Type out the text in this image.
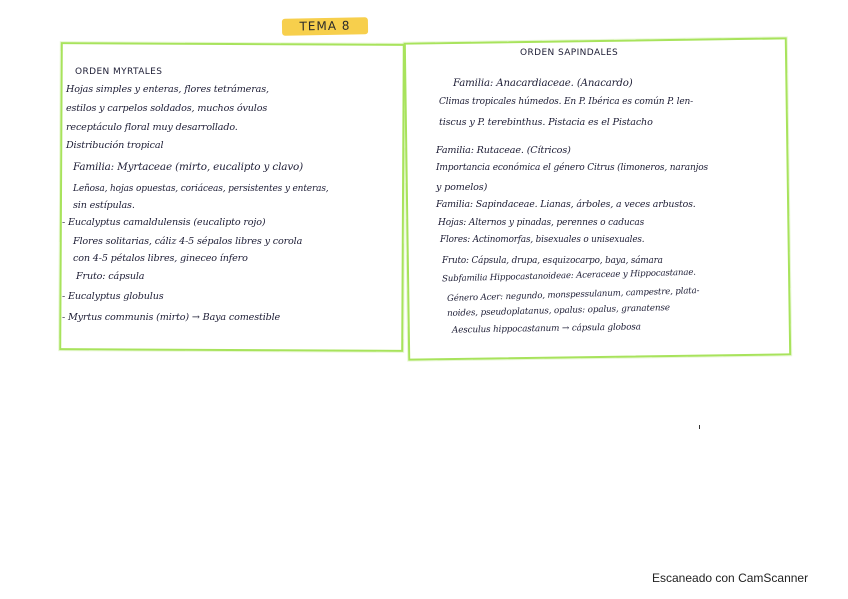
TEMA 8
ORDEN MYRTALES
Hojas simples y enteras, flores tetrámeras,
estilos y carpelos soldados, muchos óvulos
receptáculo floral muy desarrollado.
Distribución tropical
Familia: Myrtaceae (mirto, eucalipto y clavo)
Leñosa, hojas opuestas, coriáceas, persistentes y enteras,
sin estípulas.
- Eucalyptus camaldulensis (eucalipto rojo)
Flores solitarias, cáliz 4-5 sépalos libres y corola
con 4-5 pétalos libres, gineceo ínfero
Fruto: cápsula
- Eucalyptus globulus
- Myrtus communis (mirto) → Baya comestible
ORDEN SAPINDALES
Familia: Anacardiaceae. (Anacardo)
Climas tropicales húmedos. En P. Ibérica es común P. len-
tiscus y P. terebinthus. Pistacia es el Pistacho
Familia: Rutaceae. (Cítricos)
Importancia económica el género Citrus (limoneros, naranjos
y pomelos)
Familia: Sapindaceae. Lianas, árboles, a veces arbustos.
Hojas: Alternos y pinadas, perennes o caducas
Flores: Actinomorfas, bisexuales o unisexuales.
Fruto: Cápsula, drupa, esquizocarpo, baya, sámara
Subfamilia Hippocastanoideae: Aceraceae y Hippocastanae.
Género Acer: negundo, monspessulanum, campestre, plata-
noides, pseudoplatanus, opalus: opalus, granatense
Aesculus hippocastanum → cápsula globosa
Escaneado con CamScanner
